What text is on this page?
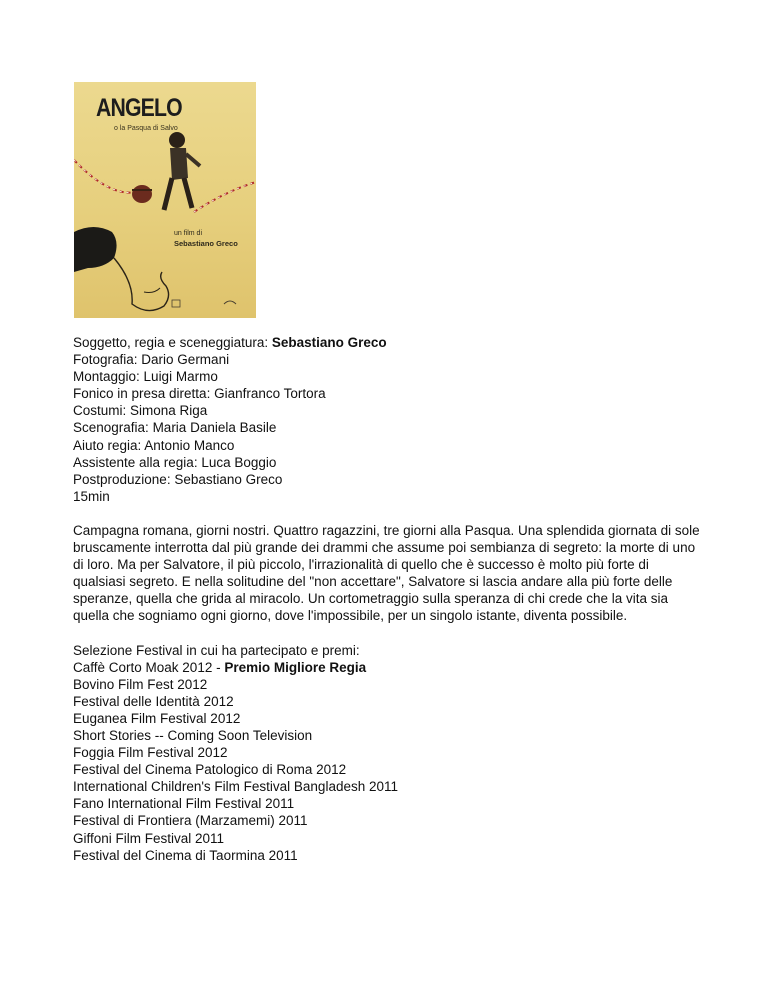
ANGELO
o la Pasqua di Salvo
un film di
Sebastiano Greco
Soggetto, regia e sceneggiatura: Sebastiano Greco
Fotografia: Dario Germani
Montaggio: Luigi Marmo
Fonico in presa diretta: Gianfranco Tortora
Costumi: Simona Riga
Scenografia: Maria Daniela Basile
Aiuto regia: Antonio Manco
Assistente alla regia: Luca Boggio
Postproduzione: Sebastiano Greco
15min
Campagna romana, giorni nostri. Quattro ragazzini, tre giorni alla Pasqua. Una splendida giornata di sole bruscamente interrotta dal più grande dei drammi che assume poi sembianza di segreto: la morte di uno di loro. Ma per Salvatore, il più piccolo, l'irrazionalità di quello che è successo è molto più forte di qualsiasi segreto. E nella solitudine del "non accettare", Salvatore si lascia andare alla più forte delle speranze, quella che grida al miracolo. Un cortometraggio sulla speranza di chi crede che la vita sia quella che sogniamo ogni giorno, dove l'impossibile, per un singolo istante, diventa possibile.
Selezione Festival in cui ha partecipato e premi:
Caffè Corto Moak 2012 - Premio Migliore Regia
Bovino Film Fest 2012
Festival delle Identità 2012
Euganea Film Festival 2012
Short Stories -- Coming Soon Television
Foggia Film Festival 2012
Festival del Cinema Patologico di Roma 2012
International Children's Film Festival Bangladesh 2011
Fano International Film Festival 2011
Festival di Frontiera (Marzamemi) 2011
Giffoni Film Festival 2011
Festival del Cinema di Taormina 2011
